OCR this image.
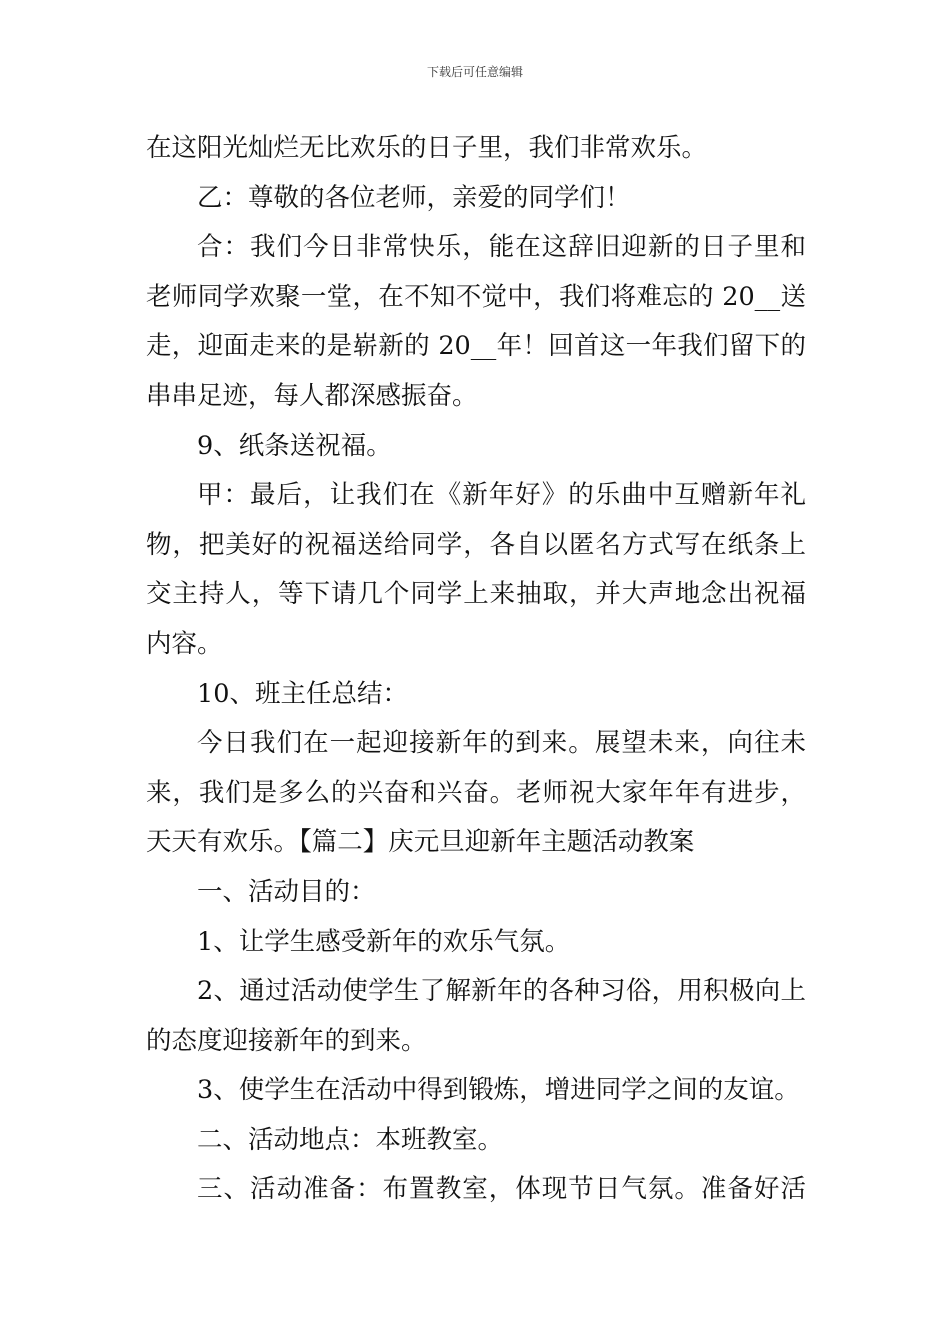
下载后可任意编辑
在这阳光灿烂无比欢乐的日子里，我们非常欢乐。
乙：尊敬的各位老师，亲爱的同学们！
合：我们今日非常快乐，能在这辞旧迎新的日子里和
老师同学欢聚一堂，在不知不觉中，我们将难忘的 20__送
走，迎面走来的是崭新的 20__年！回首这一年我们留下的
串串足迹，每人都深感振奋。
9、纸条送祝福。
甲：最后，让我们在《新年好》的乐曲中互赠新年礼
物，把美好的祝福送给同学，各自以匿名方式写在纸条上
交主持人，等下请几个同学上来抽取，并大声地念出祝福
内容。
10、班主任总结：
今日我们在一起迎接新年的到来。展望未来，向往未
来，我们是多么的兴奋和兴奋。老师祝大家年年有进步，
天天有欢乐。【篇二】庆元旦迎新年主题活动教案
一、活动目的：
1、让学生感受新年的欢乐气氛。
2、通过活动使学生了解新年的各种习俗，用积极向上
的态度迎接新年的到来。
3、使学生在活动中得到锻炼，增进同学之间的友谊。
二、活动地点：本班教室。
三、活动准备：布置教室，体现节日气氛。准备好活
